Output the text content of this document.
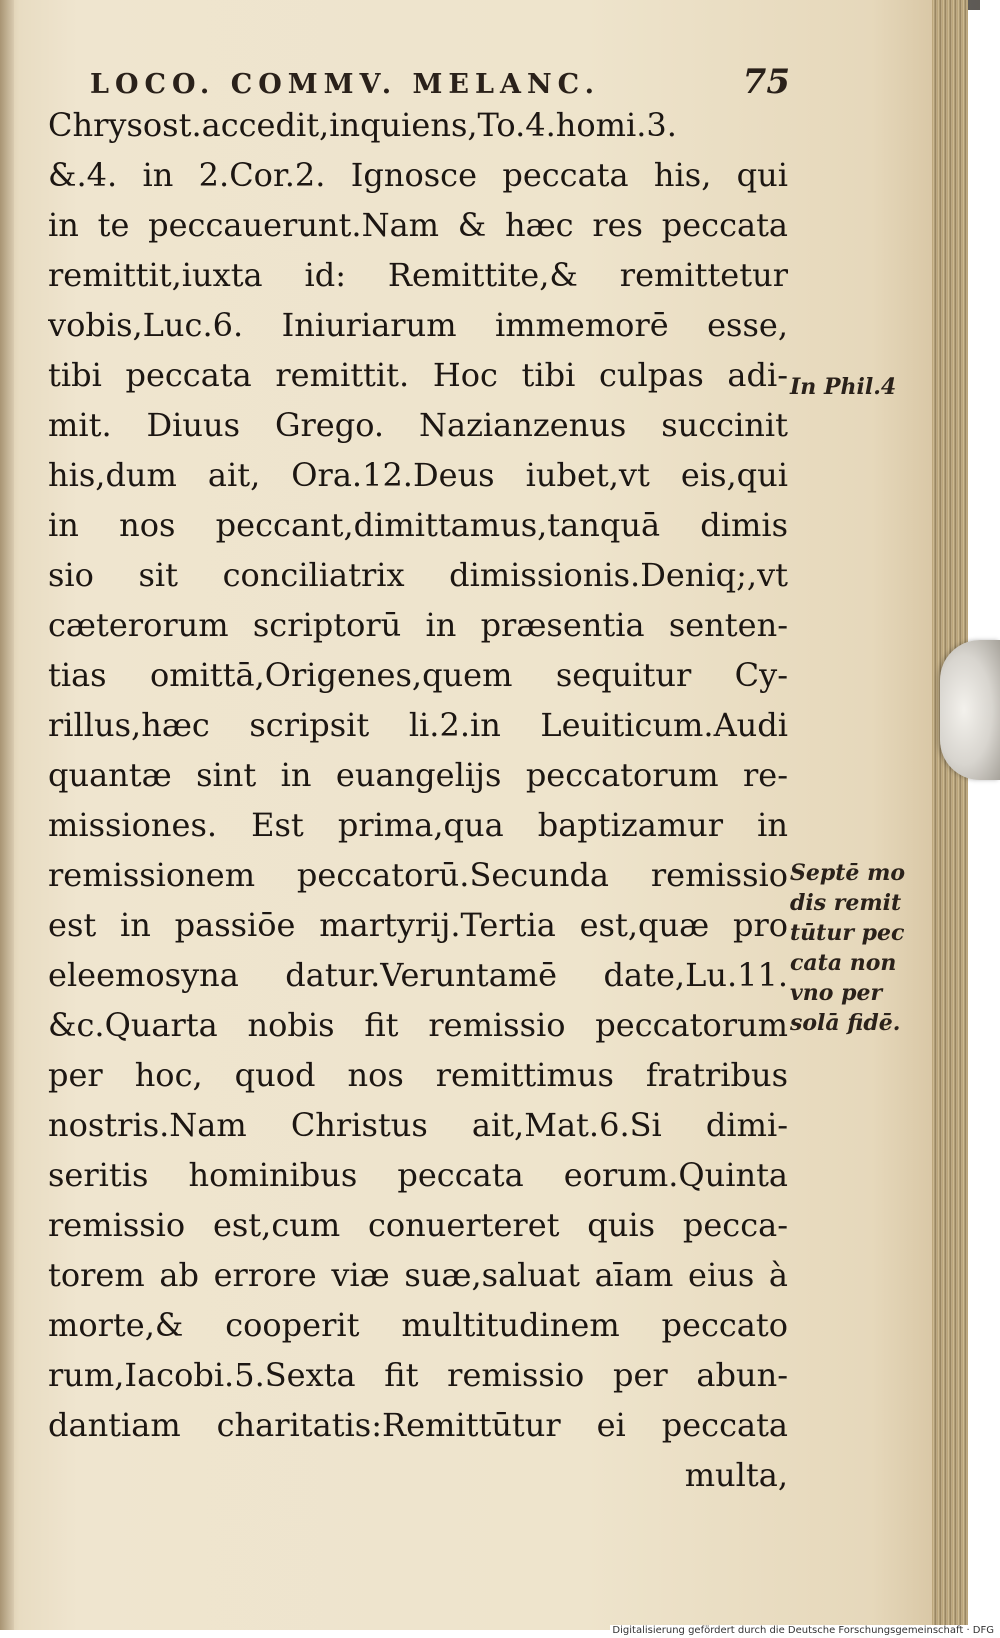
LOCO. COMMV. MELANC.	75
Chrysost.accedit,inquiens,To.4.homi.3.
&.4. in 2.Cor.2. Ignosce peccata his, qui
in te peccauerunt.Nam & hæc res peccata
remittit,iuxta id: Remittite,& remittetur
vobis,Luc.6. Iniuriarum immemorē esse,
tibi peccata remittit. Hoc tibi culpas adi-
mit. Diuus Grego. Nazianzenus succinit
his,dum ait, Ora.12.Deus iubet,vt eis,qui
in nos peccant,dimittamus,tanquā dimis
sio sit conciliatrix dimissionis.Deniq;,vt
cæterorum scriptorū in præsentia senten-
tias omittā,Origenes,quem sequitur Cy-
rillus,hæc scripsit li.2.in Leuiticum.Audi
quantæ sint in euangelijs peccatorum re-
missiones. Est prima,qua baptizamur in
remissionem peccatorū.Secunda remissio
est in passiōe martyrij.Tertia est,quæ pro
eleemosyna datur.Veruntamē date,Lu.11.
&c.Quarta nobis fit remissio peccatorum
per hoc, quod nos remittimus fratribus
nostris.Nam Christus ait,Mat.6.Si dimi-
seritis hominibus peccata eorum.Quinta
remissio est,cum conuerteret quis pecca-
torem ab errore viæ suæ,saluat aīam eius à
morte,& cooperit multitudinem peccato
rum,Iacobi.5.Sexta fit remissio per abun-
dantiam charitatis:Remittūtur ei peccata
multa,
In Phil.4
Septē mo
dis remit
tūtur pec
cata non
vno per
solā fidē.
Digitalisierung gefördert durch die Deutsche Forschungsgemeinschaft · DFG
